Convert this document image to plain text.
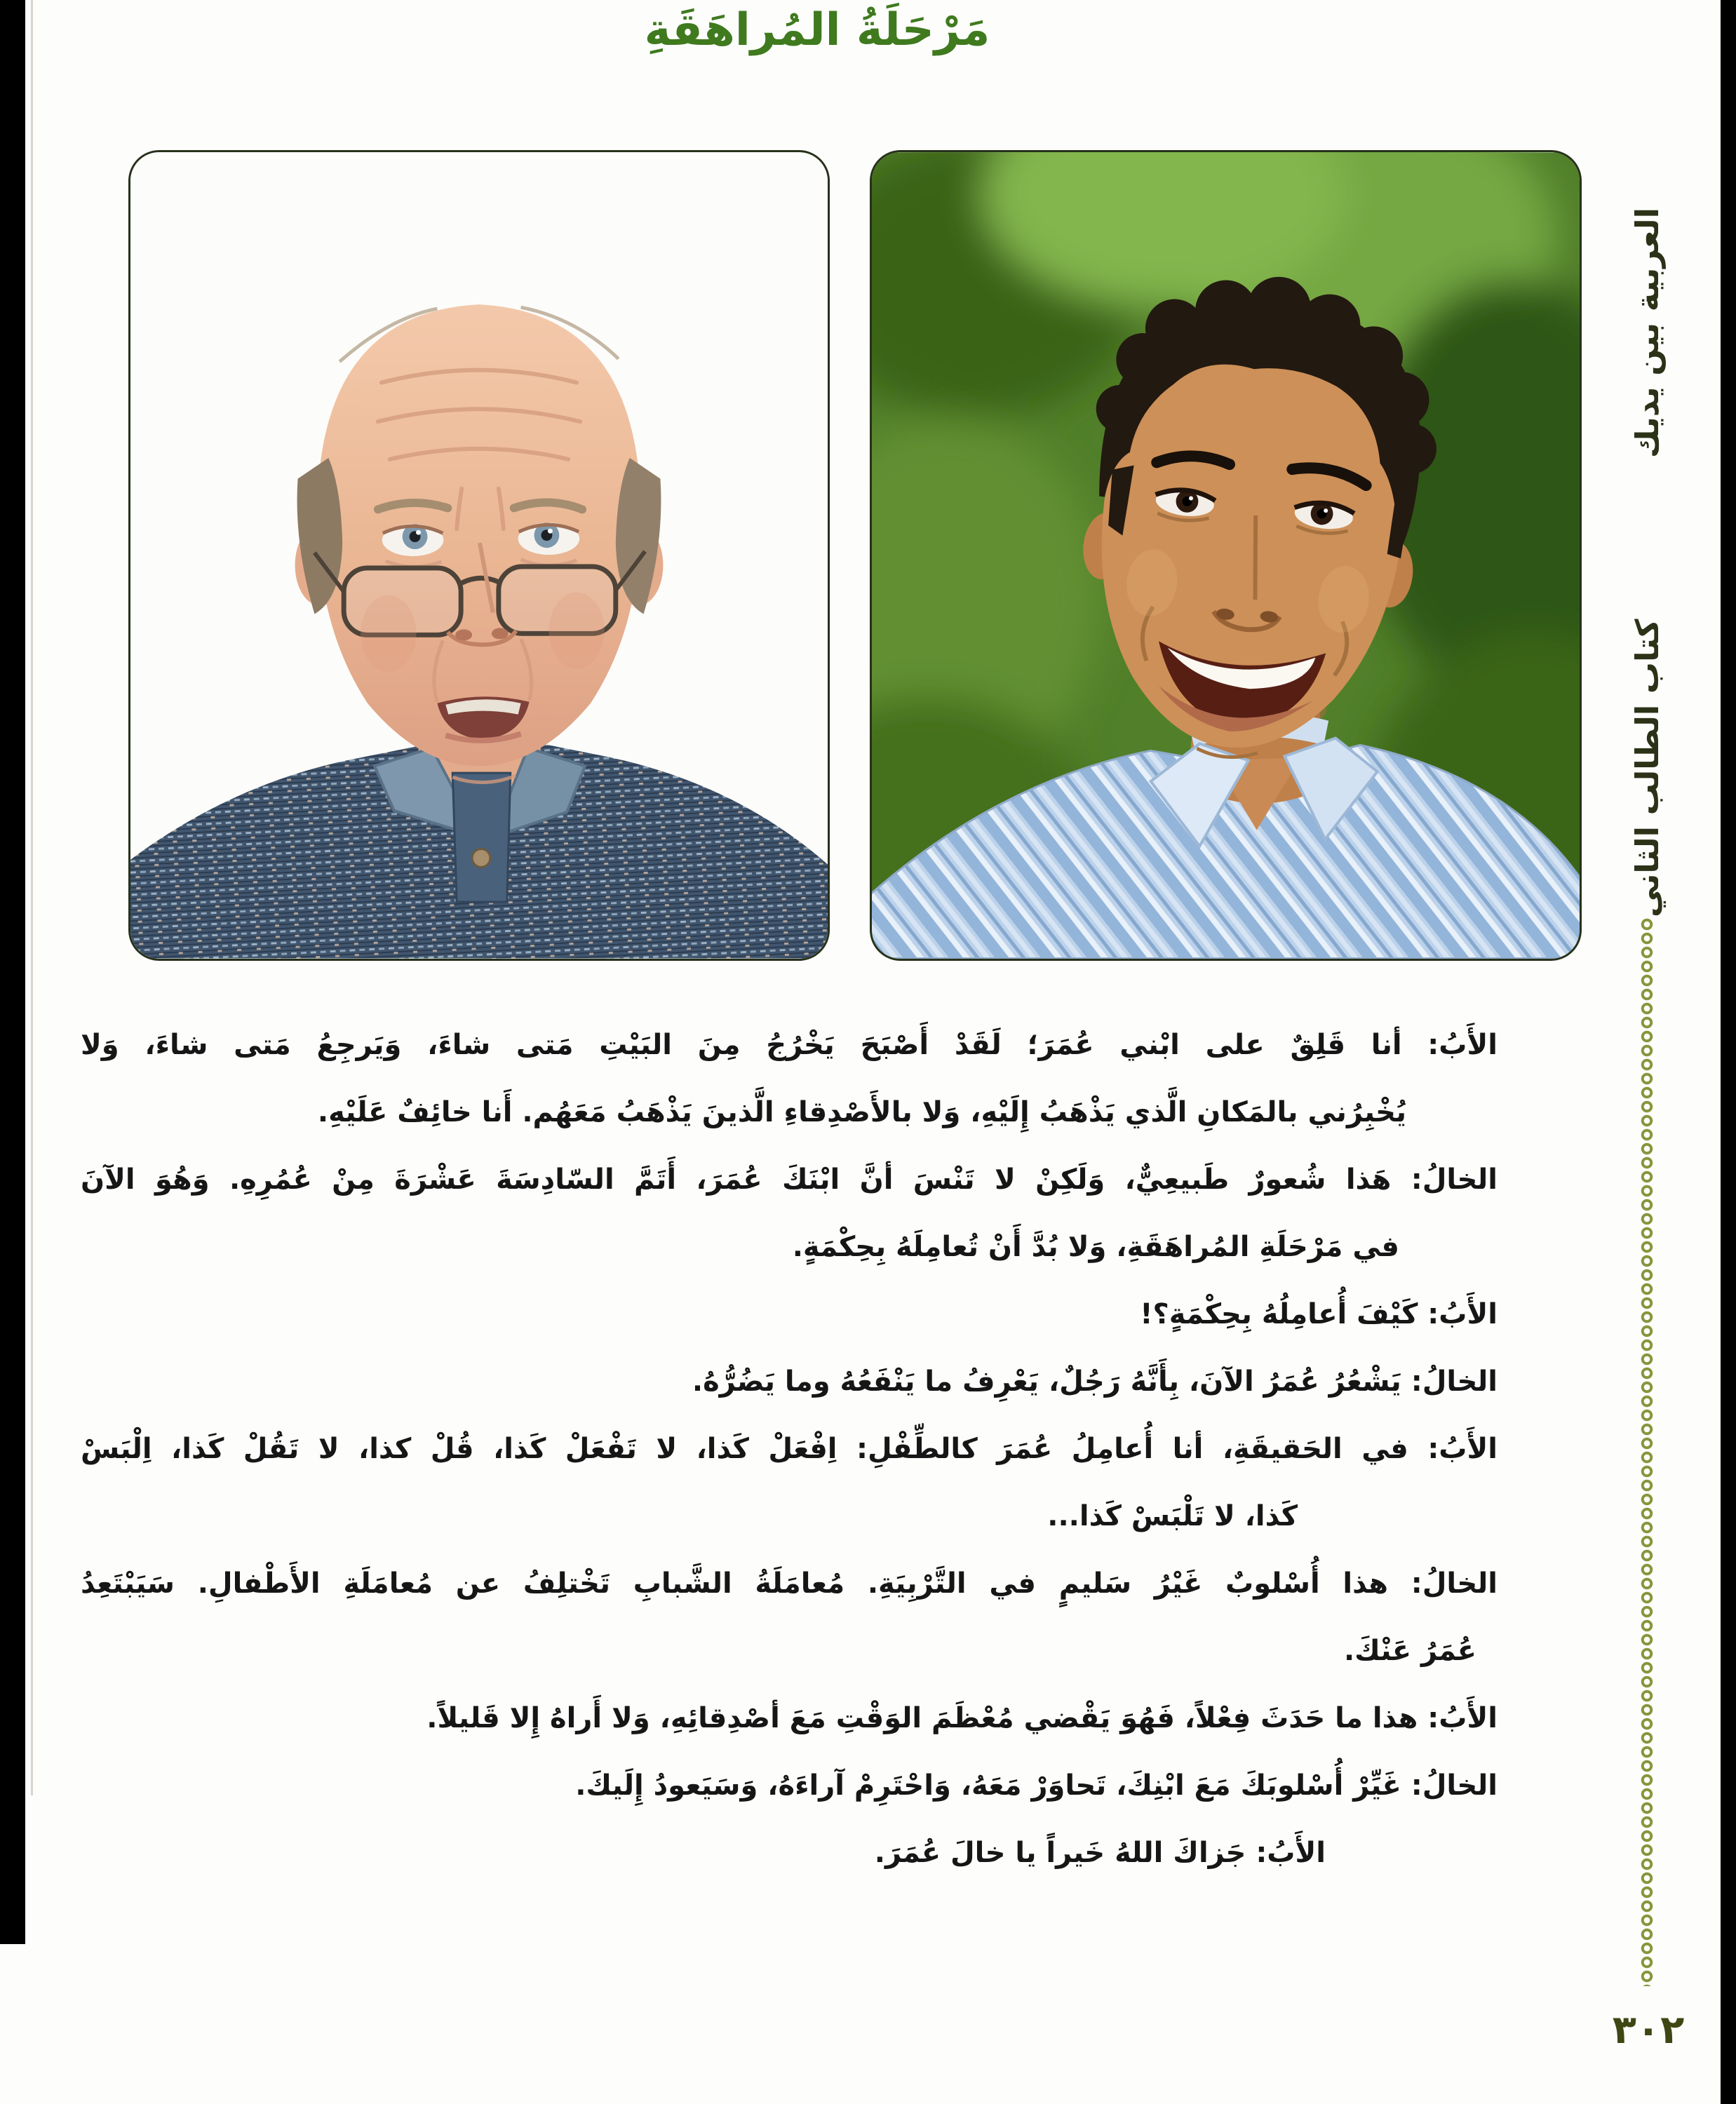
مَرْحَلَةُ المُراهَقَةِ
الأَبُ: أنا قَلِقٌ على ابْني عُمَرَ؛ لَقَدْ أَصْبَحَ يَخْرُجُ مِنَ البَيْتِ مَتى شاءَ، وَيَرجِعُ مَتى شاءَ، وَلا
يُخْبِرُني بالمَكانِ الَّذي يَذْهَبُ إِلَيْهِ، وَلا بالأَصْدِقاءِ الَّذينَ يَذْهَبُ مَعَهُم. أَنا خائِفٌ عَلَيْهِ.
الخالُ: هَذا شُعورٌ طَبيعِيٌّ، وَلَكِنْ لا تَنْسَ أنَّ ابْنَكَ عُمَرَ، أَتَمَّ السّادِسَةَ عَشْرَةَ مِنْ عُمُرِهِ. وَهُوَ الآنَ
في مَرْحَلَةِ المُراهَقَةِ، وَلا بُدَّ أَنْ تُعامِلَهُ بِحِكْمَةٍ.
الأَبُ: كَيْفَ أُعامِلُهُ بِحِكْمَةٍ؟!
الخالُ: يَشْعُرُ عُمَرُ الآنَ، بِأَنَّهُ رَجُلٌ، يَعْرِفُ ما يَنْفَعُهُ وما يَضُرُّهُ.
الأَبُ: في الحَقيقَةِ، أنا أُعامِلُ عُمَرَ كالطِّفْلِ: اِفْعَلْ كَذا، لا تَفْعَلْ كَذا، قُلْ كذا، لا تَقُلْ كَذا، اِلْبَسْ
كَذا، لا تَلْبَسْ كَذا...
الخالُ: هذا أُسْلوبٌ غَيْرُ سَليمٍ في التَّرْبِيَةِ. مُعامَلَةُ الشَّبابِ تَخْتلِفُ عن مُعامَلَةِ الأَطْفالِ. سَيَبْتَعِدُ
عُمَرُ عَنْكَ.
الأَبُ: هذا ما حَدَثَ فِعْلاً، فَهُوَ يَقْضي مُعْظَمَ الوَقْتِ مَعَ أصْدِقائِهِ، وَلا أَراهُ إِلا قَليلاً.
الخالُ: غَيِّرْ أُسْلوبَكَ مَعَ ابْنِكَ، تَحاوَرْ مَعَهُ، وَاحْتَرِمْ آراءَهُ، وَسَيَعودُ إِلَيكَ.
الأَبُ: جَزاكَ اللهُ خَيراً يا خالَ عُمَرَ.
العربية بين يديك
كتاب الطالب الثاني
٣٠٢
